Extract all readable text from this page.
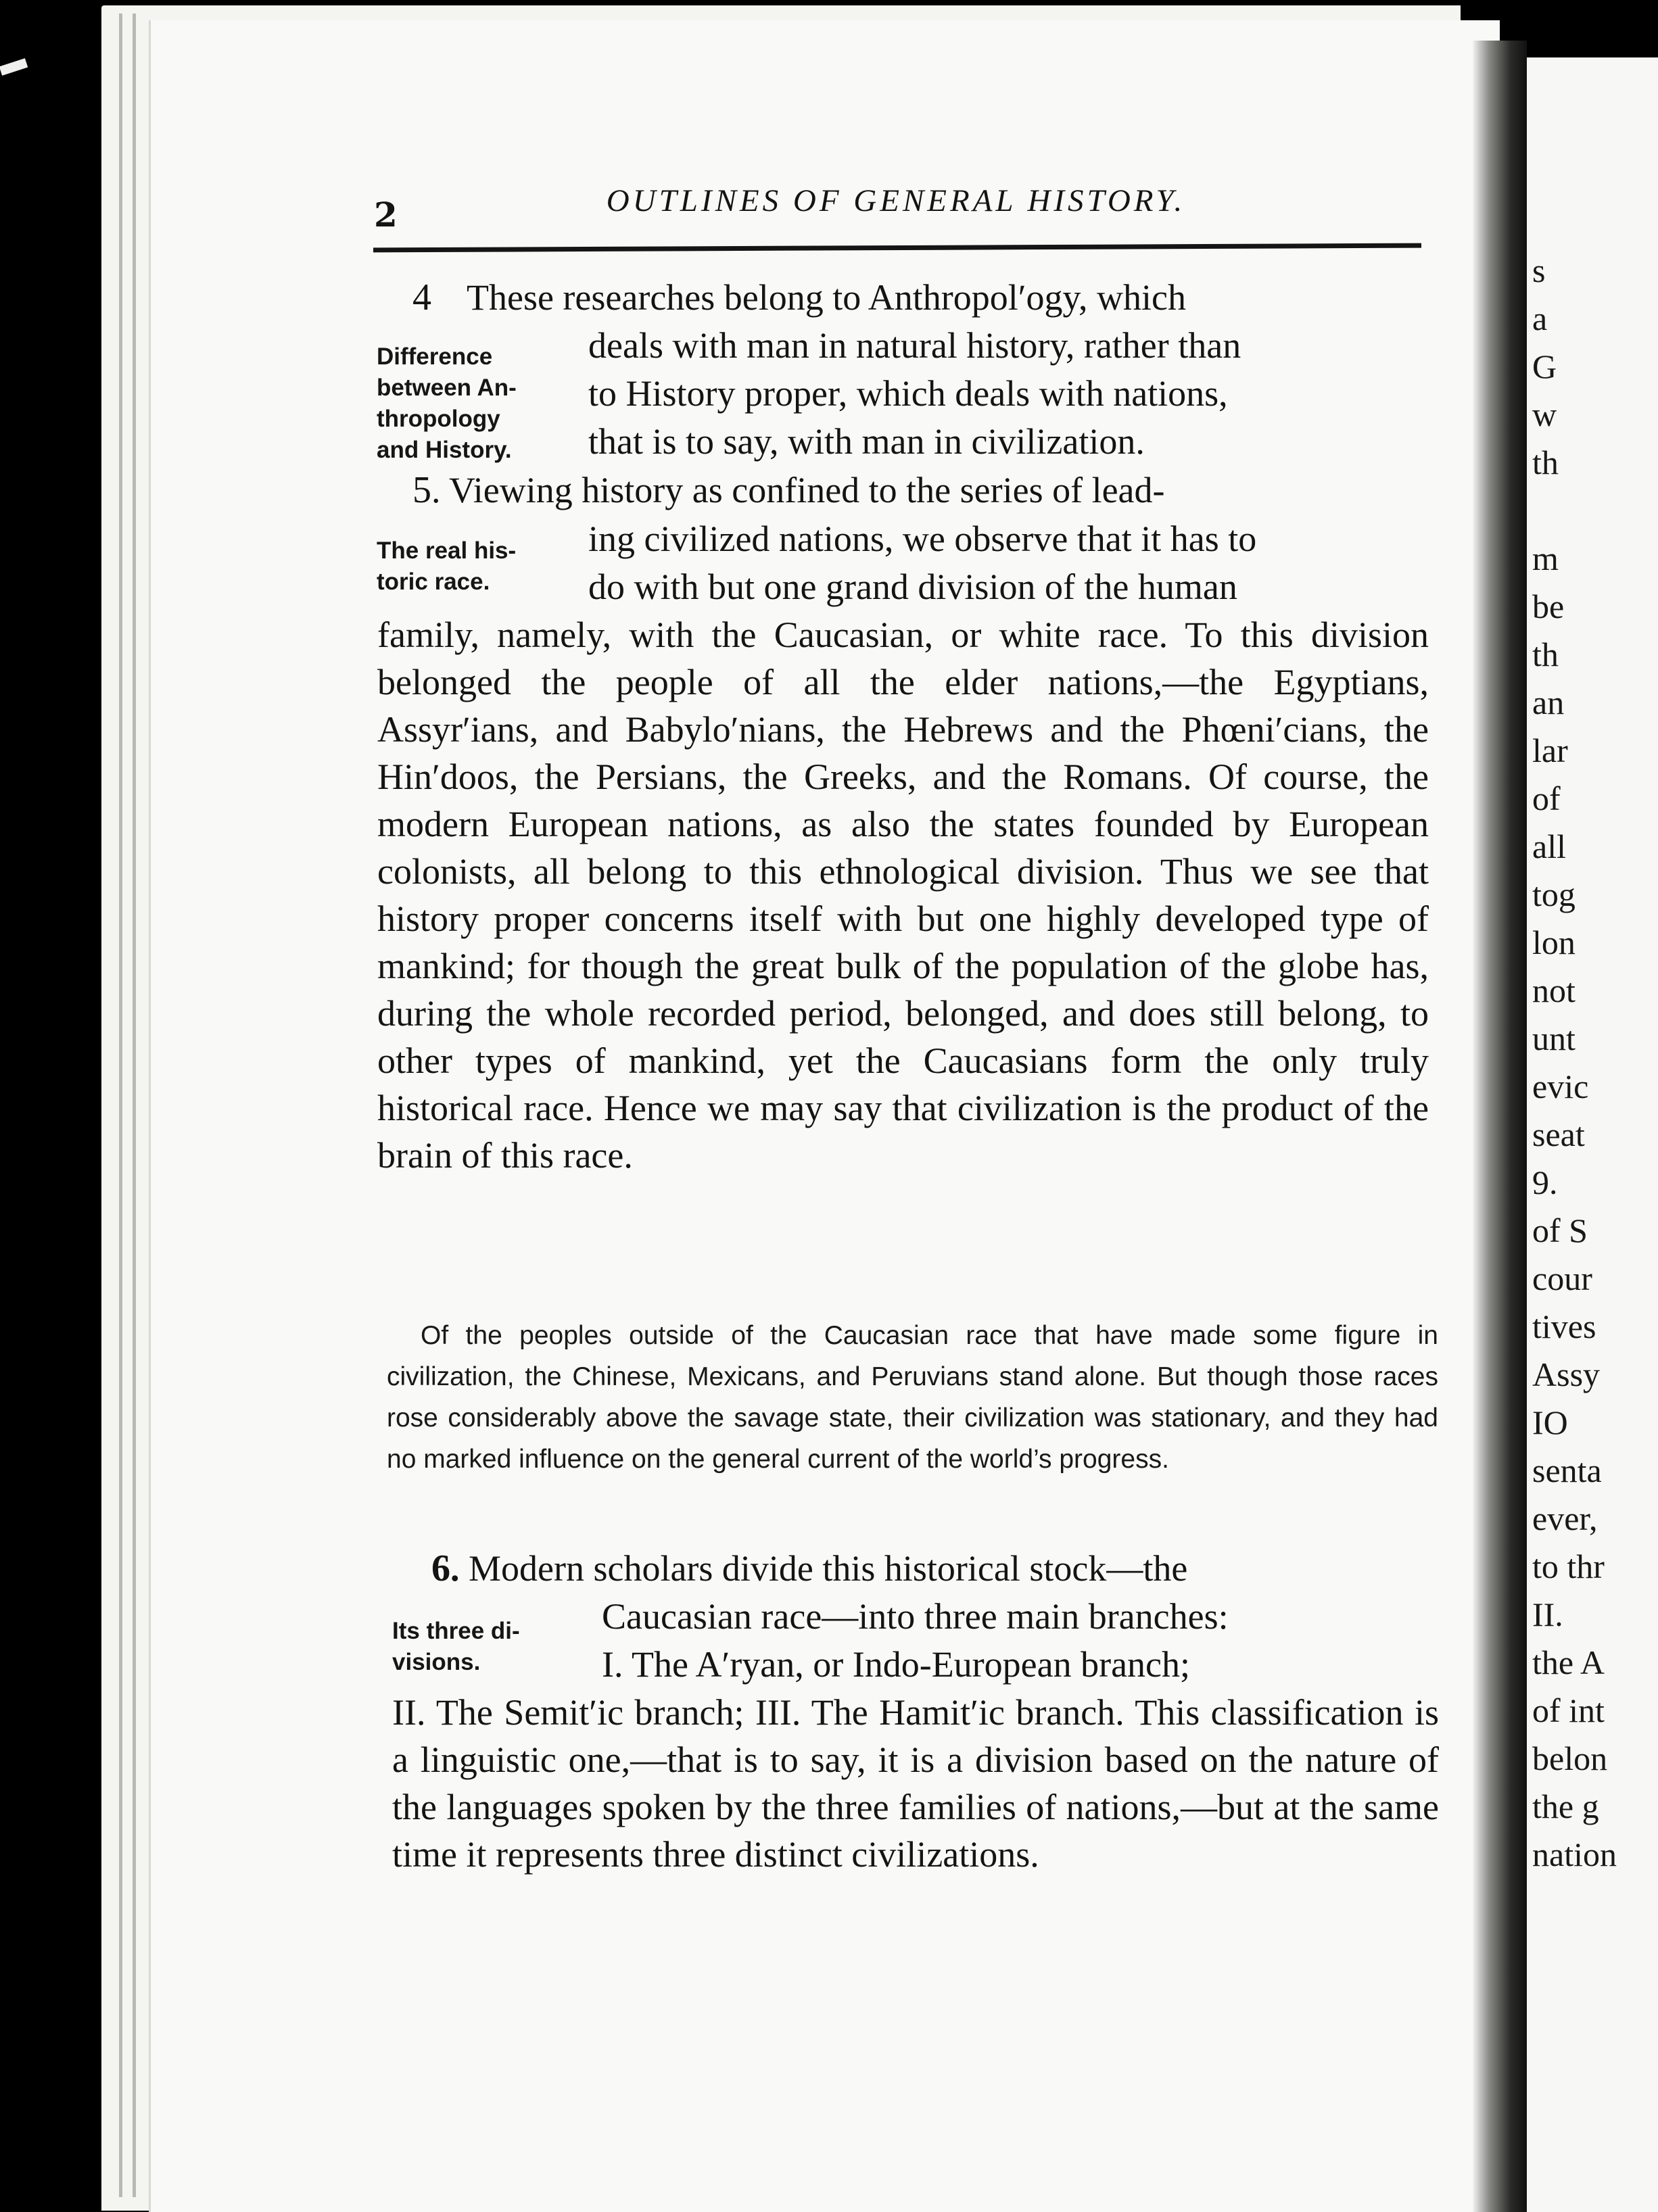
s
a
G
w
th
m
be
th
an
lar
of
all
tog
lon
not
unt
evic
seat
9.
of S
cour
tives
Assy
IO
senta
ever,
to thr
II.
the A
of int
belon
the g
nation
2	OUTLINES OF GENERAL HISTORY.
4
Difference
between An-
thropology
and History.
These researches belong to Anthropol′ogy, which
deals with man in natural history, rather than
to History proper, which deals with nations,
that is to say, with man in civilization.
5. Viewing history as confined to the series of lead-
The real his-
toric race.
ing civilized nations, we observe that it has to
do with but one grand division of the human
family, namely, with the Caucasian, or white race. To this division belonged the people of all the elder nations,—the Egyptians, Assyr′ians, and Babylo′nians, the Hebrews and the Phœni′cians, the Hin′doos, the Persians, the Greeks, and the Romans. Of course, the modern European nations, as also the states founded by European colonists, all belong to this ethnological division. Thus we see that history proper concerns itself with but one highly developed type of mankind; for though the great bulk of the population of the globe has, during the whole recorded period, belonged, and does still belong, to other types of mankind, yet the Caucasians form the only truly historical race. Hence we may say that civilization is the product of the brain of this race.
Of the peoples outside of the Caucasian race that have made some figure in civilization, the Chinese, Mexicans, and Peruvians stand alone. But though those races rose considerably above the savage state, their civilization was stationary, and they had no marked influence on the general current of the world’s progress.
6. Modern scholars divide this historical stock—the
Its three di-
visions.
Caucasian race—into three main branches:
I. The A′ryan, or Indo-European branch;
II. The Semit′ic branch; III. The Hamit′ic branch. This classification is a linguistic one,—that is to say, it is a division based on the nature of the languages spoken by the three families of nations,—but at the same time it represents three distinct civilizations.
